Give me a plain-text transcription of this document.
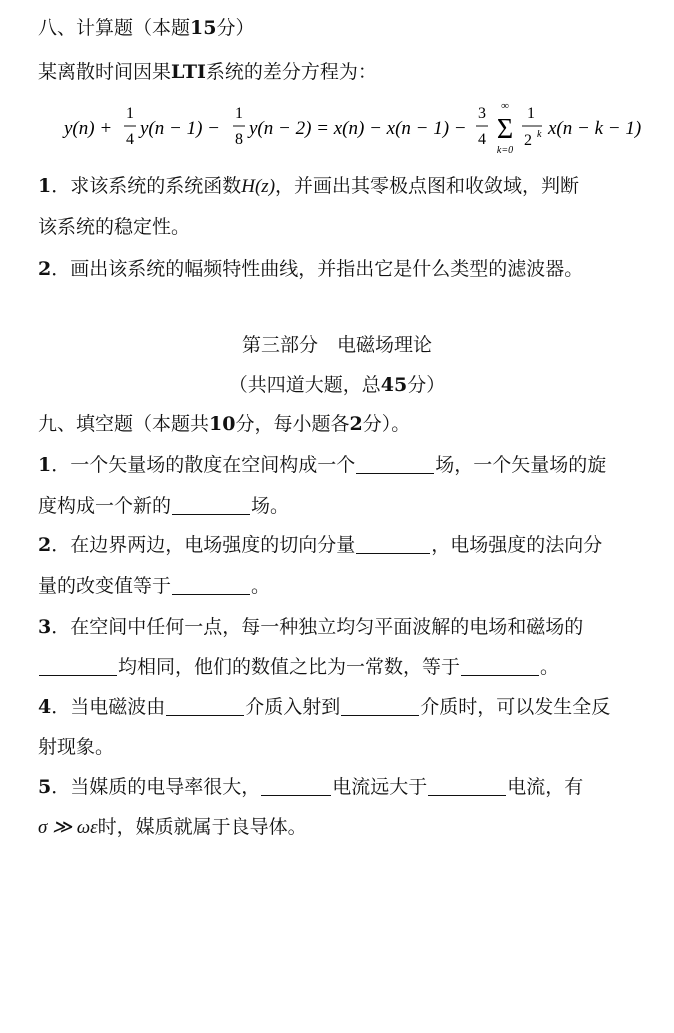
八、计算题（本题15分）
某离散时间因果LTI系统的差分方程为：
y(n) +
1
4
y(n − 1) −
1
8
y(n − 2) = x(n) − x(n − 1) −
3
4
∞
Σ
k=0
1
2 k x(n − k − 1)
1．求该系统的系统函数H(z)，并画出其零极点图和收敛域，判断
该系统的稳定性。
2．画出该系统的幅频特性曲线，并指出它是什么类型的滤波器。
第三部分　电磁场理论
（共四道大题，总45分）
九、填空题（本题共10分，每小题各2分）。
1．一个矢量场的散度在空间构成一个	场，一个矢量场的旋
度构成一个新的	场。
2．在边界两边，电场强度的切向分量	，电场强度的法向分
量的改变值等于	。
3．在空间中任何一点，每一种独立均匀平面波解的电场和磁场的
均相同，他们的数值之比为一常数，等于	。
4．当电磁波由	介质入射到	介质时，可以发生全反
射现象。
5．当媒质的电导率很大，	电流远大于	电流，有
σ ≫ ωε时，媒质就属于良导体。
